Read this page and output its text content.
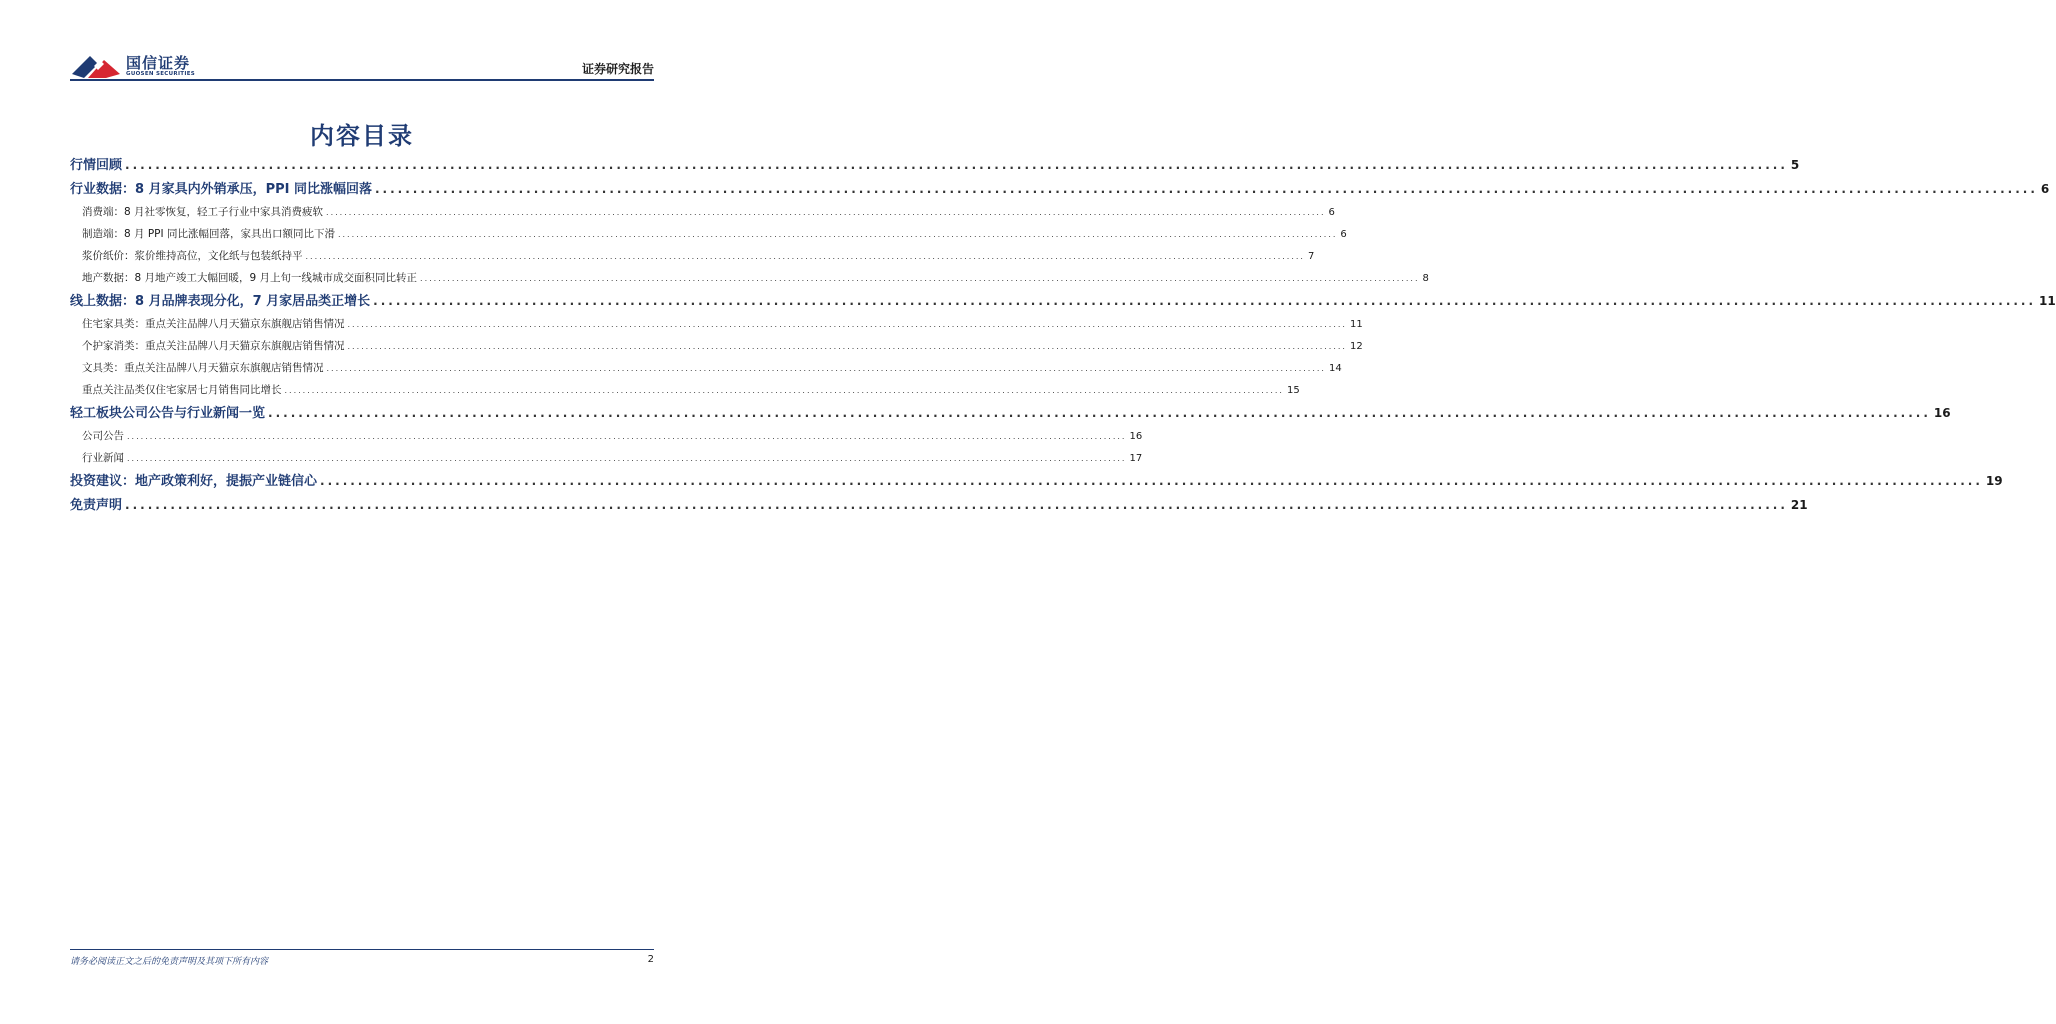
国信证券
GUOSEN SECURITIES	证券研究报告
内容目录
行情回顾 ............................................................................................................................................................................................................................ 5
行业数据：8 月家具内外销承压，PPI 同比涨幅回落 ............................................................................................................................................................................................................................ 6
消费端：8 月社零恢复，轻工子行业中家具消费疲软 ............................................................................................................................................................................................................................ 6
制造端：8 月 PPI 同比涨幅回落，家具出口额同比下滑 ............................................................................................................................................................................................................................ 6
浆价纸价：浆价维持高位，文化纸与包装纸持平 ............................................................................................................................................................................................................................ 7
地产数据：8 月地产竣工大幅回暖，9 月上旬一线城市成交面积同比转正 ............................................................................................................................................................................................................................ 8
线上数据：8 月品牌表现分化，7 月家居品类正增长 ............................................................................................................................................................................................................................ 11
住宅家具类：重点关注品牌八月天猫京东旗舰店销售情况 ............................................................................................................................................................................................................................ 11
个护家消类：重点关注品牌八月天猫京东旗舰店销售情况 ............................................................................................................................................................................................................................ 12
文具类：重点关注品牌八月天猫京东旗舰店销售情况 ............................................................................................................................................................................................................................ 14
重点关注品类仅住宅家居七月销售同比增长 ............................................................................................................................................................................................................................ 15
轻工板块公司公告与行业新闻一览 ............................................................................................................................................................................................................................ 16
公司公告 ............................................................................................................................................................................................................................ 16
行业新闻 ............................................................................................................................................................................................................................ 17
投资建议：地产政策利好，提振产业链信心 ............................................................................................................................................................................................................................ 19
免责声明 ............................................................................................................................................................................................................................ 21
请务必阅读正文之后的免责声明及其项下所有内容	2
